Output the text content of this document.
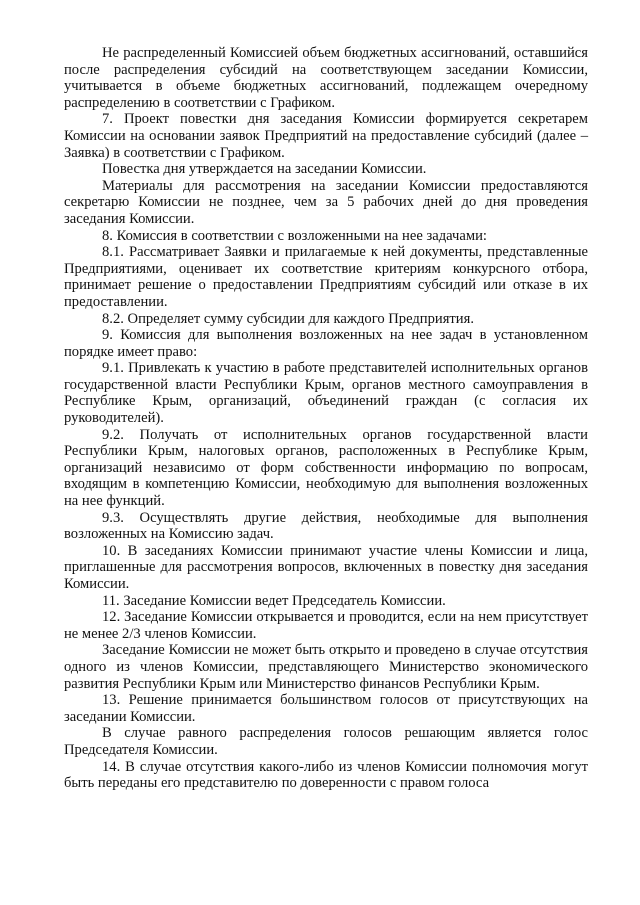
Не распределенный Комиссией объем бюджетных ассигнований, оставшийся после распределения субсидий на соответствующем заседании Комиссии, учитывается в объеме бюджетных ассигнований, подлежащем очередному распределению в соответствии с Графиком.

7. Проект повестки дня заседания Комиссии формируется секретарем Комиссии на основании заявок Предприятий на предоставление субсидий (далее – Заявка) в соответствии с Графиком.

Повестка дня утверждается на заседании Комиссии.

Материалы для рассмотрения на заседании Комиссии предоставляются секретарю Комиссии не позднее, чем за 5 рабочих дней до дня проведения заседания Комиссии.

8. Комиссия в соответствии с возложенными на нее задачами:

8.1. Рассматривает Заявки и прилагаемые к ней документы, представленные Предприятиями, оценивает их соответствие критериям конкурсного отбора, принимает решение о предоставлении Предприятиям субсидий или отказе в их предоставлении.

8.2. Определяет сумму субсидии для каждого Предприятия.

9. Комиссия для выполнения возложенных на нее задач в установленном порядке имеет право:

9.1. Привлекать к участию в работе представителей исполнительных органов государственной власти Республики Крым, органов местного самоуправления в Республике Крым, организаций, объединений граждан (с согласия их руководителей).

9.2. Получать от исполнительных органов государственной власти Республики Крым, налоговых органов, расположенных в Республике Крым, организаций независимо от форм собственности информацию по вопросам, входящим в компетенцию Комиссии, необходимую для выполнения возложенных на нее функций.

9.3. Осуществлять другие действия, необходимые для выполнения возложенных на Комиссию задач.

10. В заседаниях Комиссии принимают участие члены Комиссии и лица, приглашенные для рассмотрения вопросов, включенных в повестку дня заседания Комиссии.

11. Заседание Комиссии ведет Председатель Комиссии.

12. Заседание Комиссии открывается и проводится, если на нем присутствует не менее 2/3 членов Комиссии.

Заседание Комиссии не может быть открыто и проведено в случае отсутствия одного из членов Комиссии, представляющего Министерство экономического развития Республики Крым или Министерство финансов Республики Крым.

13. Решение принимается большинством голосов от присутствующих на заседании Комиссии.

В случае равного распределения голосов решающим является голос Председателя Комиссии.

14. В случае отсутствия какого-либо из членов Комиссии полномочия могут быть переданы его представителю по доверенности с правом голоса
